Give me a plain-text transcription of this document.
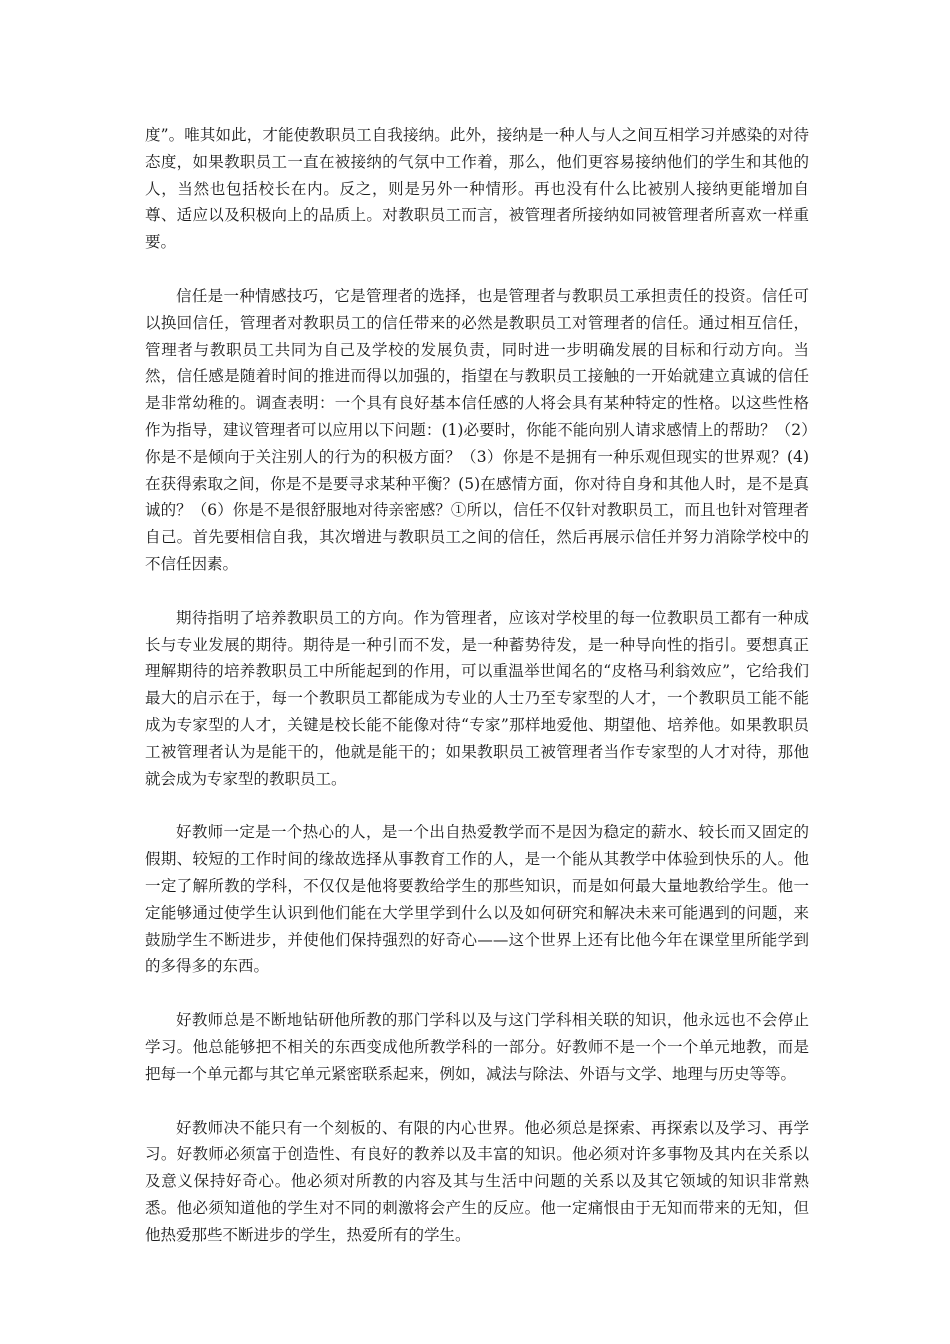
度”。唯其如此，才能使教职员工自我接纳。此外，接纳是一种人与人之间互相学习并感染的对待态度，如果教职员工一直在被接纳的气氛中工作着，那么，他们更容易接纳他们的学生和其他的人，当然也包括校长在内。反之，则是另外一种情形。再也没有什么比被别人接纳更能增加自尊、适应以及积极向上的品质上。对教职员工而言，被管理者所接纳如同被管理者所喜欢一样重要。

信任是一种情感技巧，它是管理者的选择，也是管理者与教职员工承担责任的投资。信任可以换回信任，管理者对教职员工的信任带来的必然是教职员工对管理者的信任。通过相互信任，管理者与教职员工共同为自己及学校的发展负责，同时进一步明确发展的目标和行动方向。当然，信任感是随着时间的推进而得以加强的，指望在与教职员工接触的一开始就建立真诚的信任是非常幼稚的。调查表明：一个具有良好基本信任感的人将会具有某种特定的性格。以这些性格作为指导，建议管理者可以应用以下问题：(1)必要时，你能不能向别人请求感情上的帮助？（2）你是不是倾向于关注别人的行为的积极方面？（3）你是不是拥有一种乐观但现实的世界观？(4)在获得索取之间，你是不是要寻求某种平衡？(5)在感情方面，你对待自身和其他人时，是不是真诚的？（6）你是不是很舒服地对待亲密感？①所以，信任不仅针对教职员工，而且也针对管理者自己。首先要相信自我，其次增进与教职员工之间的信任，然后再展示信任并努力消除学校中的不信任因素。

期待指明了培养教职员工的方向。作为管理者，应该对学校里的每一位教职员工都有一种成长与专业发展的期待。期待是一种引而不发，是一种蓄势待发，是一种导向性的指引。要想真正理解期待的培养教职员工中所能起到的作用，可以重温举世闻名的“皮格马利翁效应”，它给我们最大的启示在于，每一个教职员工都能成为专业的人士乃至专家型的人才，一个教职员工能不能成为专家型的人才，关键是校长能不能像对待“专家”那样地爱他、期望他、培养他。如果教职员工被管理者认为是能干的，他就是能干的；如果教职员工被管理者当作专家型的人才对待，那他就会成为专家型的教职员工。

好教师一定是一个热心的人，是一个出自热爱教学而不是因为稳定的薪水、较长而又固定的假期、较短的工作时间的缘故选择从事教育工作的人，是一个能从其教学中体验到快乐的人。他一定了解所教的学科，不仅仅是他将要教给学生的那些知识，而是如何最大量地教给学生。他一定能够通过使学生认识到他们能在大学里学到什么以及如何研究和解决未来可能遇到的问题，来鼓励学生不断进步，并使他们保持强烈的好奇心——这个世界上还有比他今年在课堂里所能学到的多得多的东西。

好教师总是不断地钻研他所教的那门学科以及与这门学科相关联的知识，他永远也不会停止学习。他总能够把不相关的东西变成他所教学科的一部分。好教师不是一个一个单元地教，而是把每一个单元都与其它单元紧密联系起来，例如，减法与除法、外语与文学、地理与历史等等。

好教师决不能只有一个刻板的、有限的内心世界。他必须总是探索、再探索以及学习、再学习。好教师必须富于创造性、有良好的教养以及丰富的知识。他必须对许多事物及其内在关系以及意义保持好奇心。他必须对所教的内容及其与生活中问题的关系以及其它领域的知识非常熟悉。他必须知道他的学生对不同的刺激将会产生的反应。他一定痛恨由于无知而带来的无知，但他热爱那些不断进步的学生，热爱所有的学生。
